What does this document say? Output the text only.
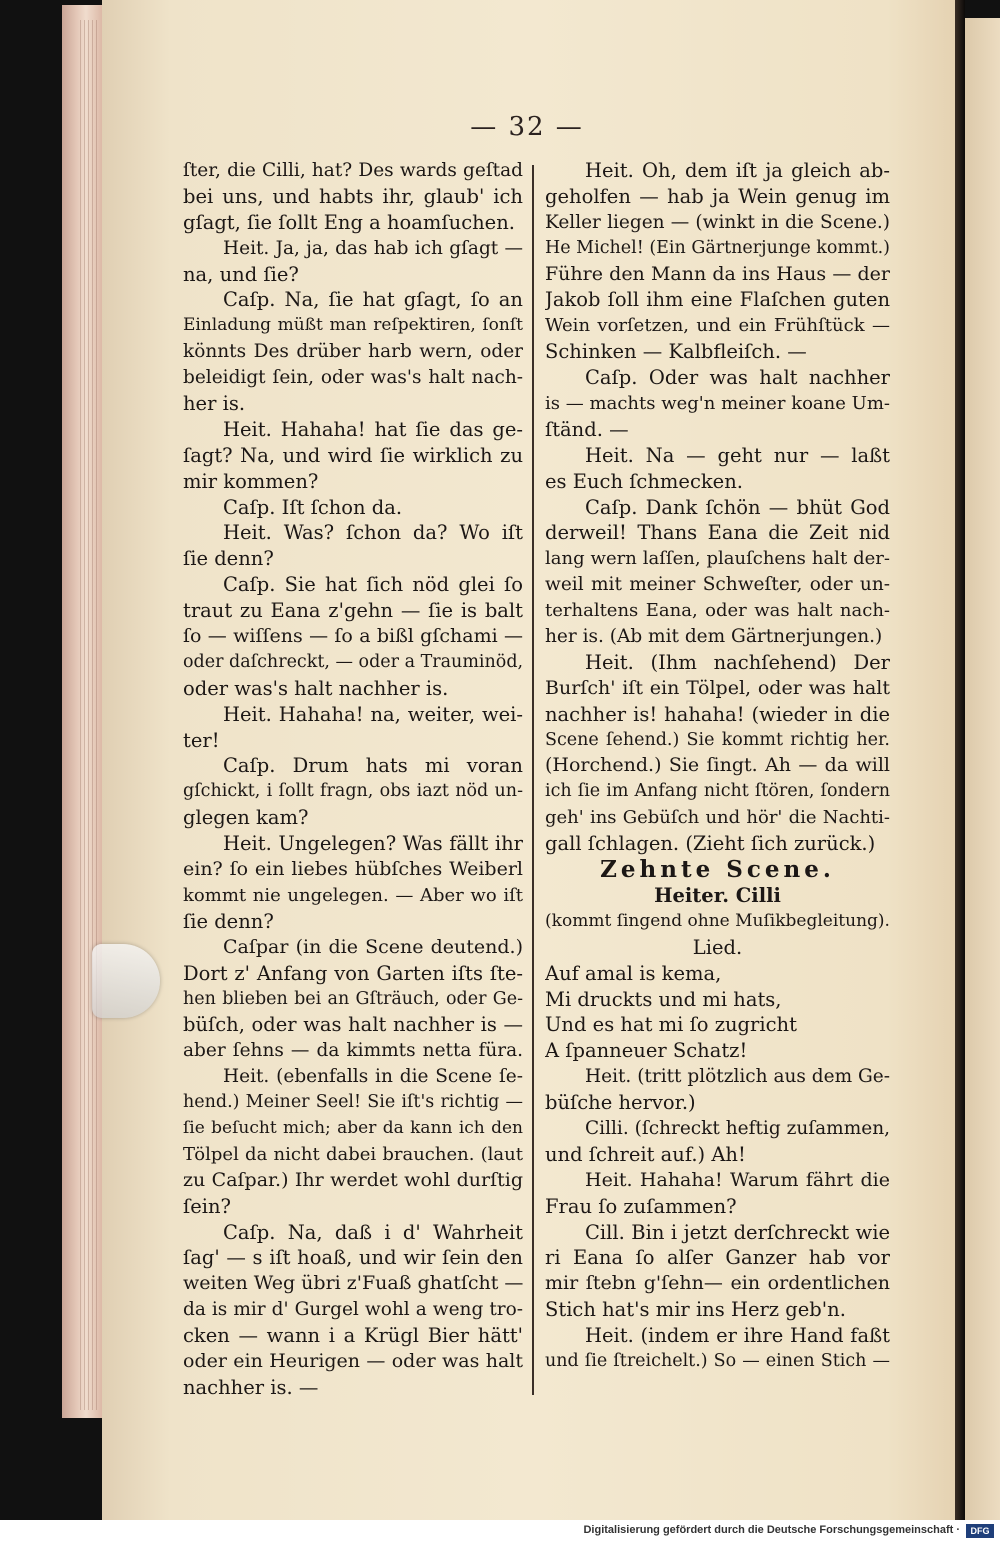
— 32 —
ſter, die Cilli, hat? Des wards geſtad
bei uns, und habts ihr, glaub' ich
gſagt, ſie ſollt Eng a hoamſuchen.
Heit. Ja, ja, das hab ich gſagt —
na, und ſie?
Caſp. Na, ſie hat gſagt, ſo an
Einladung müßt man reſpektiren, ſonſt
könnts Des drüber harb wern, oder
beleidigt ſein, oder was's halt nach-
her is.
Heit. Hahaha! hat ſie das ge-
ſagt? Na, und wird ſie wirklich zu
mir kommen?
Caſp. Iſt ſchon da.
Heit. Was? ſchon da? Wo iſt
ſie denn?
Caſp. Sie hat ſich nöd glei ſo
traut zu Eana z'gehn — ſie is balt
ſo — wiſſens — ſo a bißl gſchami —
oder daſchreckt, — oder a Trauminöd,
oder was's halt nachher is.
Heit. Hahaha! na, weiter, wei-
ter!
Caſp. Drum hats mi voran
gſchickt, i ſollt fragn, obs iazt nöd un-
glegen kam?
Heit. Ungelegen? Was fällt ihr
ein? ſo ein liebes hübſches Weiberl
kommt nie ungelegen. — Aber wo iſt
ſie denn?
Caſpar (in die Scene deutend.)
Dort z' Anfang von Garten iſts ſte-
hen blieben bei an Gſträuch, oder Ge-
büſch, oder was halt nachher is —
aber ſehns — da kimmts netta füra.
Heit. (ebenfalls in die Scene ſe-
hend.) Meiner Seel! Sie iſt's richtig —
ſie beſucht mich; aber da kann ich den
Tölpel da nicht dabei brauchen. (laut
zu Caſpar.) Ihr werdet wohl durſtig
ſein?
Caſp. Na, daß i d' Wahrheit
ſag' — s iſt hoaß, und wir ſein den
weiten Weg übri z'Fuaß ghatſcht —
da is mir d' Gurgel wohl a weng tro-
cken — wann i a Krügl Bier hätt'
oder ein Heurigen — oder was halt
nachher is. —
Heit. Oh, dem iſt ja gleich ab-
geholfen — hab ja Wein genug im
Keller liegen — (winkt in die Scene.)
He Michel! (Ein Gärtnerjunge kommt.)
Führe den Mann da ins Haus — der
Jakob ſoll ihm eine Flaſchen guten
Wein vorſetzen, und ein Frühſtück —
Schinken — Kalbfleiſch. —
Caſp. Oder was halt nachher
is — machts weg'n meiner koane Um-
ſtänd. —
Heit. Na — geht nur — laßt
es Euch ſchmecken.
Caſp. Dank ſchön — bhüt God
derweil! Thans Eana die Zeit nid
lang wern laſſen, plauſchens halt der-
weil mit meiner Schweſter, oder un-
terhaltens Eana, oder was halt nach-
her is. (Ab mit dem Gärtnerjungen.)
Heit. (Ihm nachſehend) Der
Burſch' iſt ein Tölpel, oder was halt
nachher is! hahaha! (wieder in die
Scene ſehend.) Sie kommt richtig her.
(Horchend.) Sie ſingt. Ah — da will
ich ſie im Anfang nicht ſtören, ſondern
geh' ins Gebüſch und hör' die Nachti-
gall ſchlagen. (Zieht ſich zurück.)
Zehnte Scene.
Heiter. Cilli
(kommt ſingend ohne Muſikbegleitung).
Lied.
Auf amal is kema,
Mi druckts und mi hats,
Und es hat mi ſo zugricht
A ſpanneuer Schatz!
Heit. (tritt plötzlich aus dem Ge-
büſche hervor.)
Cilli. (ſchreckt heftig zuſammen,
und ſchreit auf.) Ah!
Heit. Hahaha! Warum fährt die
Frau ſo zuſammen?
Cill. Bin i jetzt derſchreckt wie
ri Eana ſo alſer Ganzer hab vor
mir ſtebn g'ſehn— ein ordentlichen
Stich hat's mir ins Herz geb'n.
Heit. (indem er ihre Hand faßt
und ſie ſtreichelt.) So — einen Stich —
Digitalisierung gefördert durch die Deutsche Forschungsgemeinschaft ·	DFG
